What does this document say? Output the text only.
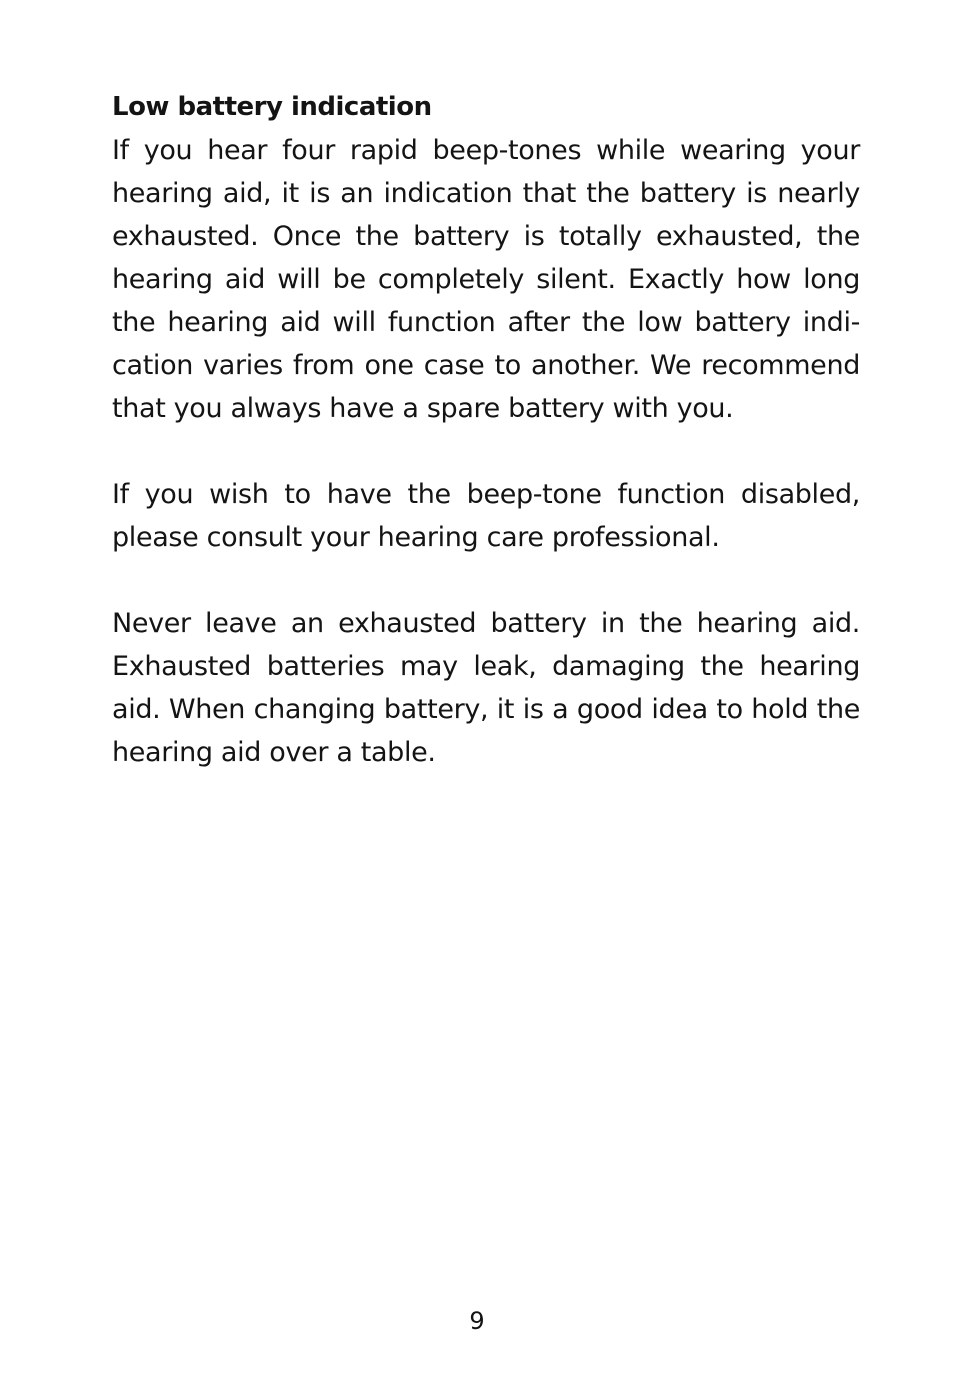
Low battery indication

If you hear four rapid beep-tones while wearing your hearing aid, it is an indication that the battery is nearly exhausted. Once the battery is totally exhausted, the hearing aid will be completely silent. Exactly how long the hearing aid will function after the low battery indi-cation varies from one case to another. We recommend that you always have a spare battery with you.

If you wish to have the beep-tone function disabled, please consult your hearing care professional.

Never leave an exhausted battery in the hearing aid. Exhausted batteries may leak, damaging the hearing aid. When changing battery, it is a good idea to hold the hearing aid over a table.

9
